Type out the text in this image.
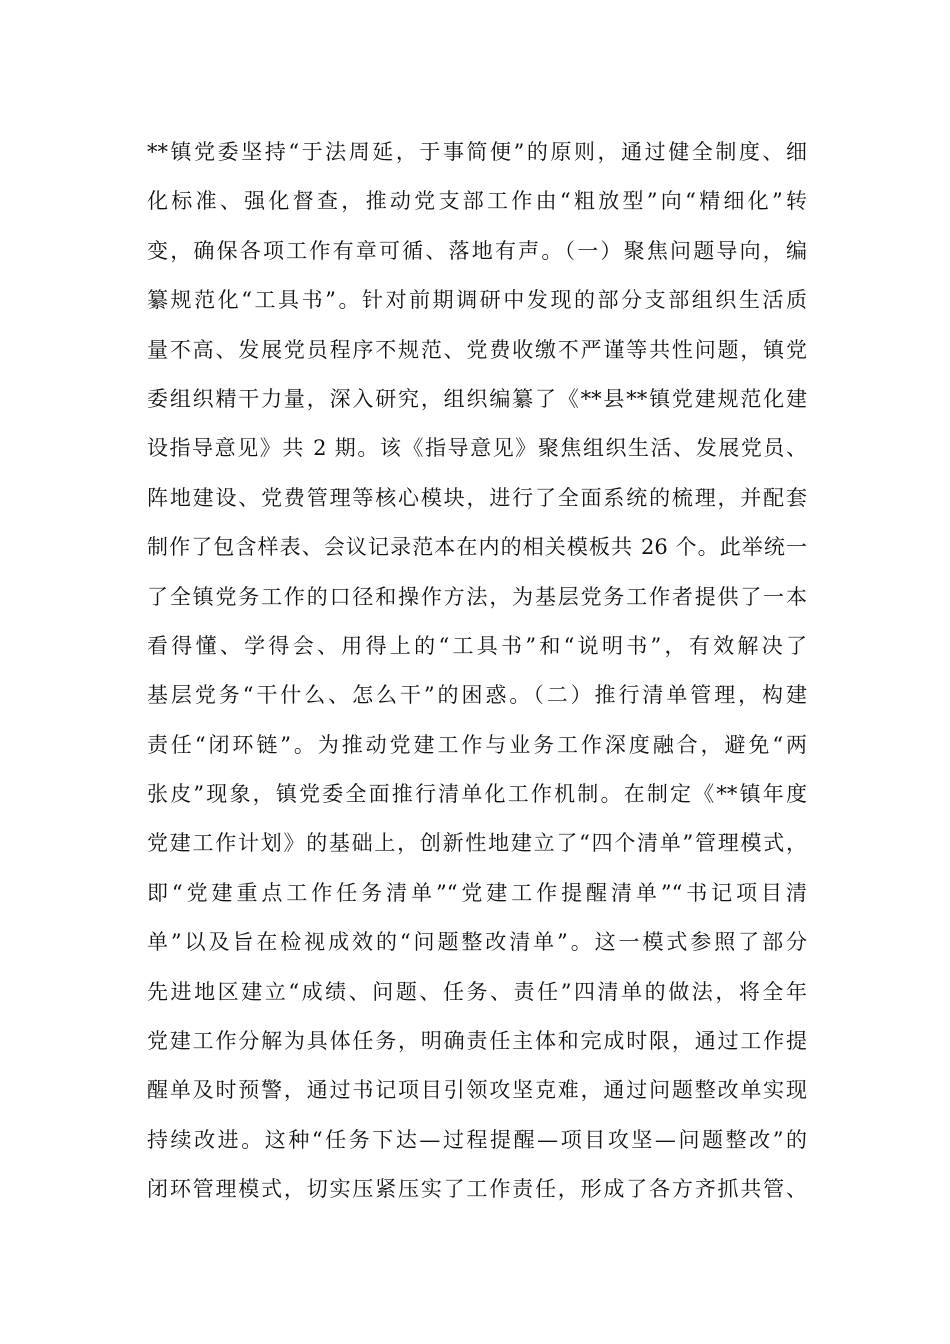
**镇党委坚持“于法周延，于事简便”的原则，通过健全制度、细
化标准、强化督查，推动党支部工作由“粗放型”向“精细化”转
变，确保各项工作有章可循、落地有声。（一）聚焦问题导向，编
纂规范化“工具书”。针对前期调研中发现的部分支部组织生活质
量不高、发展党员程序不规范、党费收缴不严谨等共性问题，镇党
委组织精干力量，深入研究，组织编纂了《**县**镇党建规范化建
设指导意见》共 2 期。该《指导意见》聚焦组织生活、发展党员、
阵地建设、党费管理等核心模块，进行了全面系统的梳理，并配套
制作了包含样表、会议记录范本在内的相关模板共 26 个。此举统一
了全镇党务工作的口径和操作方法，为基层党务工作者提供了一本
看得懂、学得会、用得上的“工具书”和“说明书”，有效解决了
基层党务“干什么、怎么干”的困惑。（二）推行清单管理，构建
责任“闭环链”。为推动党建工作与业务工作深度融合，避免“两
张皮”现象，镇党委全面推行清单化工作机制。在制定《**镇年度
党建工作计划》的基础上，创新性地建立了“四个清单”管理模式，
即“党建重点工作任务清单”“党建工作提醒清单”“书记项目清
单”以及旨在检视成效的“问题整改清单”。这一模式参照了部分
先进地区建立“成绩、问题、任务、责任”四清单的做法，将全年
党建工作分解为具体任务，明确责任主体和完成时限，通过工作提
醒单及时预警，通过书记项目引领攻坚克难，通过问题整改单实现
持续改进。这种“任务下达—过程提醒—项目攻坚—问题整改”的
闭环管理模式，切实压紧压实了工作责任，形成了各方齐抓共管、
